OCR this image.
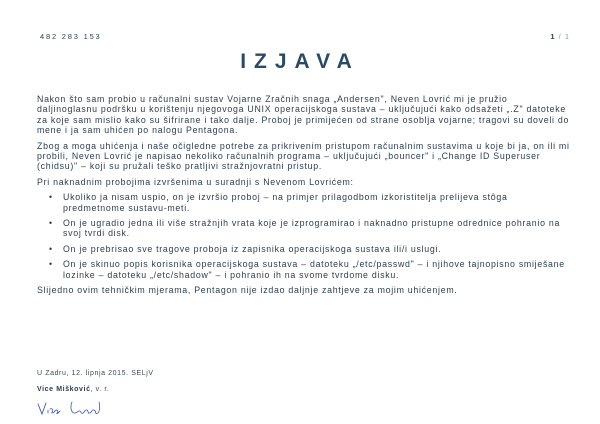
482 283 153	1 / 1
IZJAVA

Nakon što sam probio u računalni sustav Vojarne Zračnih snaga „Andersen", Neven Lovrić mi je pružio daljinoglasnu podršku u korištenju njegovoga UNIX operacijskoga sustava – uključujući kako odsažeti „.Z" datoteke za koje sam mislio kako su šifrirane i tako dalje. Proboj je primijećen od strane osoblja vojarne; tragovi su doveli do mene i ja sam uhićen po nalogu Pentagona.

Zbog a moga uhićenja i naše očigledne potrebe za prikrivenim pristupom računalnim sustavima u koje bi ja, on ili mi probili, Neven Lovrić je napisao nekoliko računalnih programa – uključujući „bouncer" i „Change ID Superuser (chidsu)" – koji su pružali teško pratljivi stražnjovratni pristup.

Pri naknadnim probojima izvršenima u suradnji s Nevenom Lovrićem:

• Ukoliko ja nisam uspio, on je izvršio proboj – na primjer prilagodbom izkoristitelja prelijeva stôga predmetnome sustavu-meti.
• On je ugradio jedna ili više stražnjih vrata koje je izprogramirao i naknadno pristupne odrednice pohranio na svoj tvrdi disk.
• On je prebrisao sve tragove proboja iz zapisnika operacijskoga sustava ili/i uslugi.
• On je skinuo popis korisnika operacijskoga sustava – datoteku „/etc/passwd" – i njihove tajnopisno smiješane lozinke – datoteku „/etc/shadow" – i pohranio ih na svome tvrdome disku.

Slijedno ovim tehničkim mjerama, Pentagon nije izdao daljnje zahtjeve za mojim uhićenjem.

U Zadru, 12. lipnja 2015. SELjV
Vice Mišković, v. r.
